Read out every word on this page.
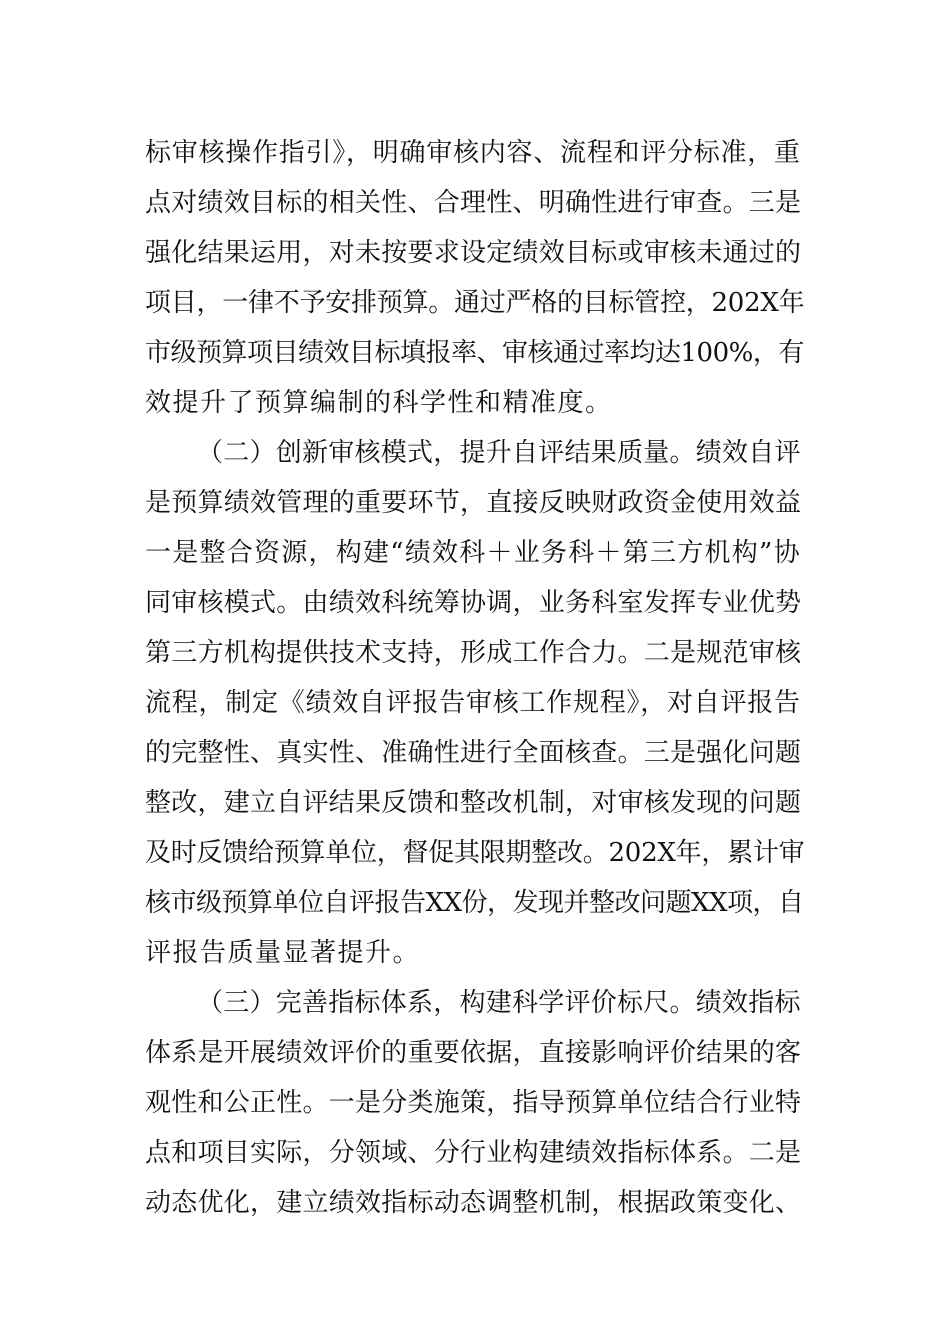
标审核操作指引》，明确审核内容、流程和评分标准，重
点对绩效目标的相关性、合理性、明确性进行审查。三是
强化结果运用，对未按要求设定绩效目标或审核未通过的
项目，一律不予安排预算。通过严格的目标管控，202X年
市级预算项目绩效目标填报率、审核通过率均达100%，有
效提升了预算编制的科学性和精准度。
（二）创新审核模式，提升自评结果质量。绩效自评
是预算绩效管理的重要环节，直接反映财政资金使用效益
一是整合资源，构建“绩效科＋业务科＋第三方机构”协
同审核模式。由绩效科统筹协调，业务科室发挥专业优势
第三方机构提供技术支持，形成工作合力。二是规范审核
流程，制定《绩效自评报告审核工作规程》，对自评报告
的完整性、真实性、准确性进行全面核查。三是强化问题
整改，建立自评结果反馈和整改机制，对审核发现的问题
及时反馈给预算单位，督促其限期整改。202X年，累计审
核市级预算单位自评报告XX份，发现并整改问题XX项，自
评报告质量显著提升。
（三）完善指标体系，构建科学评价标尺。绩效指标
体系是开展绩效评价的重要依据，直接影响评价结果的客
观性和公正性。一是分类施策，指导预算单位结合行业特
点和项目实际，分领域、分行业构建绩效指标体系。二是
动态优化，建立绩效指标动态调整机制，根据政策变化、
